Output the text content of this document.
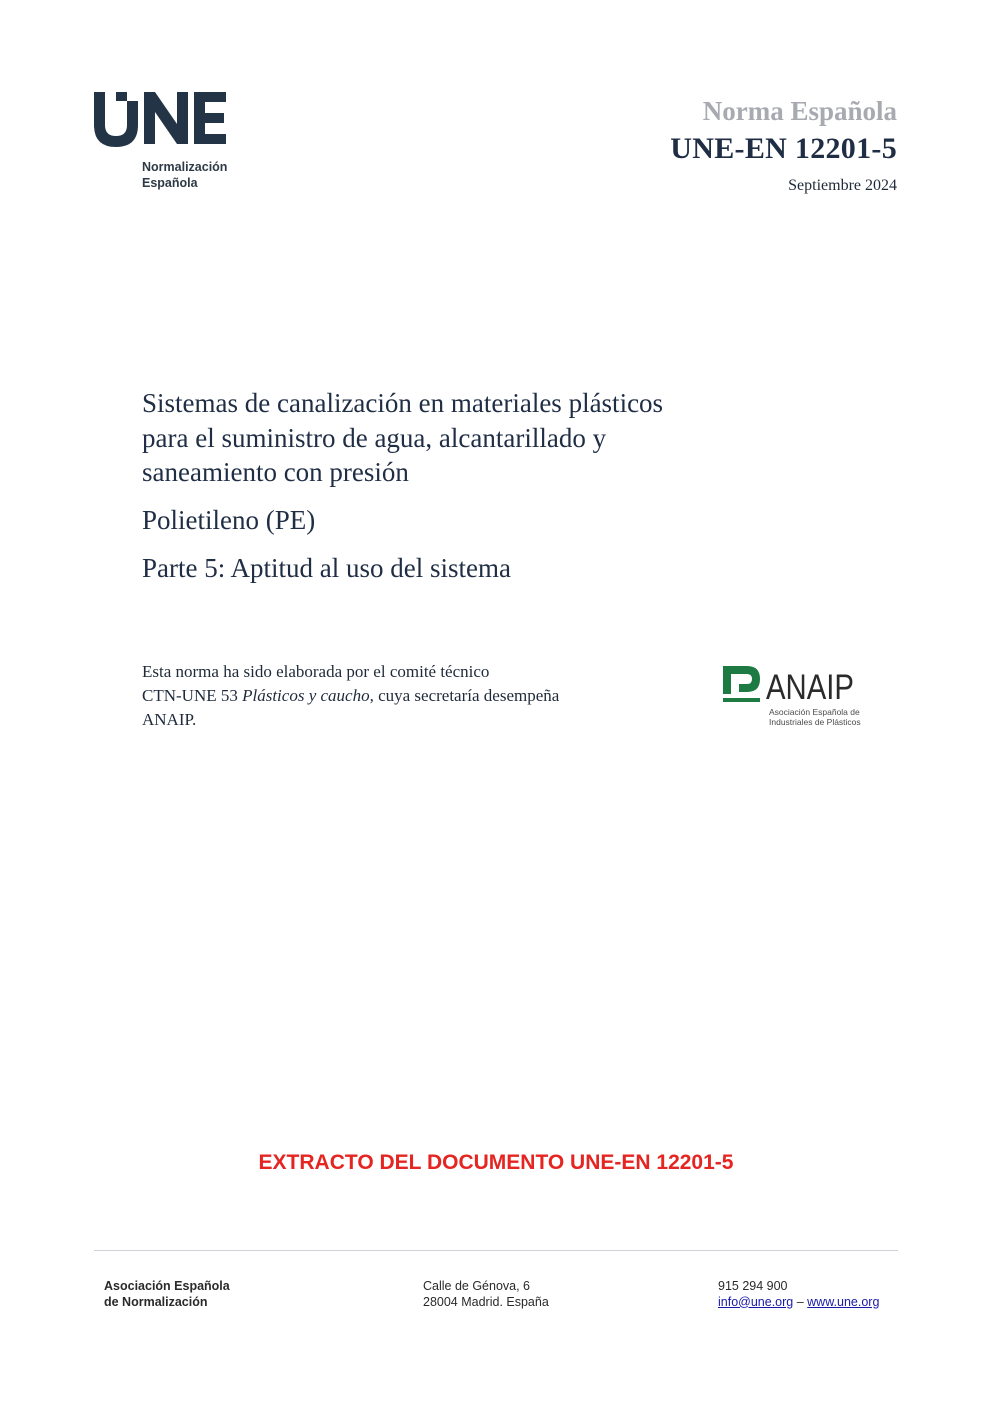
Normalización
Española
Norma Española
UNE-EN 12201-5
Septiembre 2024
Sistemas de canalización en materiales plásticos
para el suministro de agua, alcantarillado y
saneamiento con presión
Polietileno (PE)
Parte 5: Aptitud al uso del sistema
Esta norma ha sido elaborada por el comité técnico
CTN-UNE 53 Plásticos y caucho, cuya secretaría desempeña
ANAIP.
ANAIP
Asociación Española de
Industriales de Plásticos
EXTRACTO DEL DOCUMENTO UNE-EN 12201-5
Asociación Española
de Normalización
Calle de Génova, 6
28004 Madrid. España
915 294 900
info@une.org – www.une.org
